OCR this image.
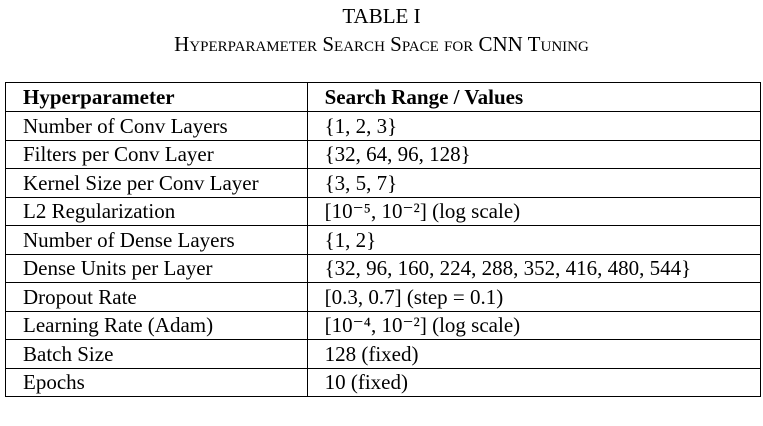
TABLE I
Hyperparameter Search Space for CNN Tuning
Hyperparameter	Search Range / Values
Number of Conv Layers	{1, 2, 3}
Filters per Conv Layer	{32, 64, 96, 128}
Kernel Size per Conv Layer	{3, 5, 7}
L2 Regularization	[10⁻⁵, 10⁻²] (log scale)
Number of Dense Layers	{1, 2}
Dense Units per Layer	{32, 96, 160, 224, 288, 352, 416, 480, 544}
Dropout Rate	[0.3, 0.7] (step = 0.1)
Learning Rate (Adam)	[10⁻⁴, 10⁻²] (log scale)
Batch Size	128 (fixed)
Epochs	10 (fixed)
